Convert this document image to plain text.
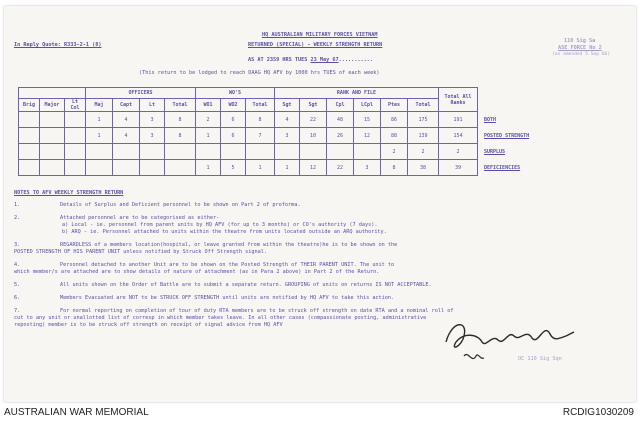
In Reply Quote: R333-2-1 (8)
110 Sig Sa
ASE FORCE No 2
(as amended 5 Sep 66)
HQ AUSTRALIAN MILITARY FORCES VIETNAM
RETURNED (SPECIAL) - WEEKLY STRENGTH RETURN
AS AT 2359 HRS TUES 23 May 67...........
(This return to be lodged to reach DAAG HQ AFV by 1000 hrs TUES of each week)
			OFFICERS				WO'S			RANK AND FILE						Total All Ranks	
Brig	Major	Lt Col	Maj	Capt	Lt	Total	WO1	WO2	Total	Sgt	Sgt	Cpl	LCpl	Ptes	Total		
			1	4	3	8	2	6	8	4	22	48	15	86	175	191	BOTH
			1	4	3	8	1	6	7	3	10	26	12	88	139	154	POSTED STRENGTH
														2	2	2	SURPLUS
							1	5	1	1	12	22	3	8	38	39	DEFICIENCIES
NOTES TO AFV WEEKLY STRENGTH RETURN
1.	Details of Surplus and Deficient personnel to be shown on Part 2 of proforma.
2.	Attached personnel are to be categorised as either-
a) Local - ie. personnel from parent units by HQ AFV (for up to 3 months) or CO's authority (7 days).
b) ARQ - ie. Personnel attached to units within the theatre from units located outside an ARQ authority.
3.	REGARDLESS of a members location(hospital, or leave granted from within the theatre)he is to be shown on the
POSTED STRENGTH OF HIS PARENT UNIT unless notified by Struck Off Strength signal.
4.	Personnel detached to another Unit are to be shown on the Posted Strength of THEIR PARENT UNIT. The unit to
which member/s are attached are to show details of nature of attachment (as in Para 2 above) in Part 2 of the Return.
5.	All units shown on the Order of Battle are to submit a separate return. GROUPING of units on returns IS NOT ACCEPTABLE.
6.	Members Evacuated are NOT to be STRUCK OFF STRENGTH until units are notified by HQ AFV to take this action.
7.	For normal reporting on completion of tour of duty RTA members are to be struck off strength on date RTA and a nominal roll of
cut to any unit or unallotted list of corresp in which member takes leave. In all other cases (compassionate posting, administrative
reposting) member is to be struck off strength on receipt of signal advice from HQ AFV
OC 110 Sig Sqn
AUSTRALIAN WAR MEMORIAL	RCDIG1030209
